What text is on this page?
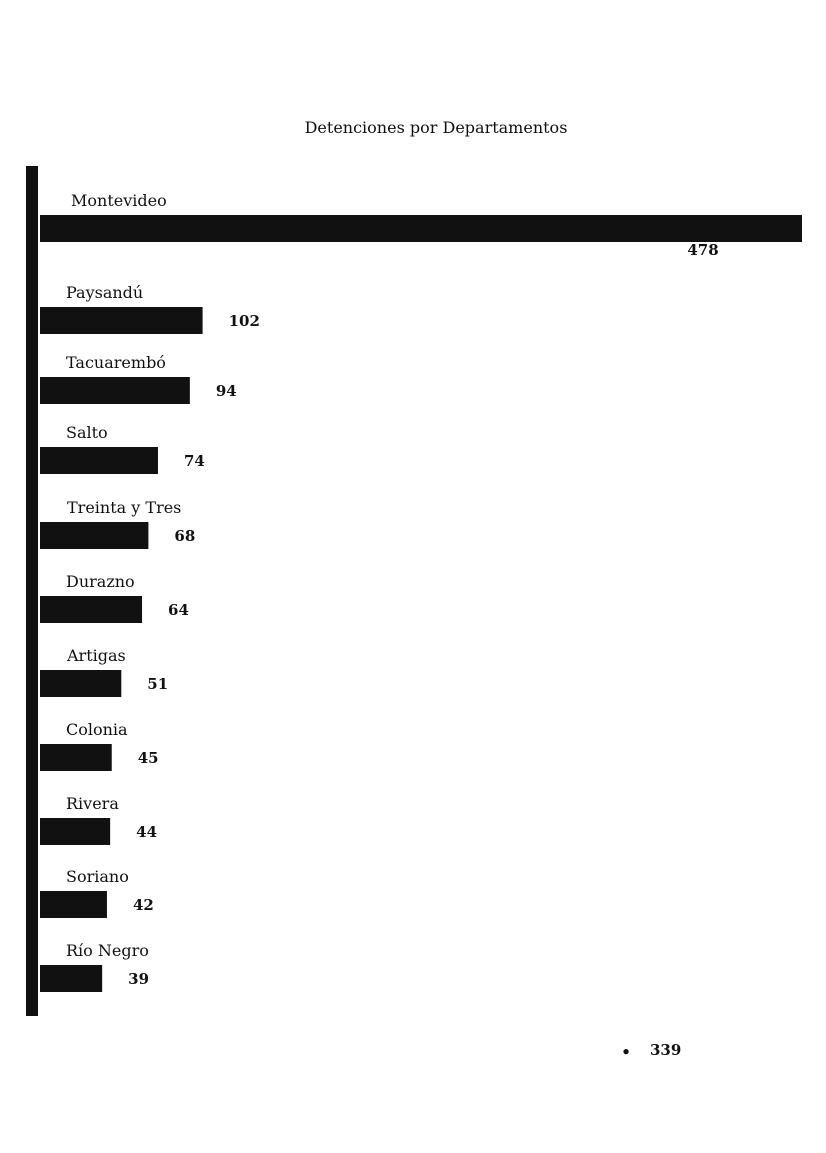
Detenciones por Departamentos
Montevideo
478
Paysandú
102
Tacuarembó
94
Salto
74
Treinta y Tres
68
Durazno
64
Artigas
51
Colonia
45
Rivera
44
Soriano
42
Río Negro
39
• 339
